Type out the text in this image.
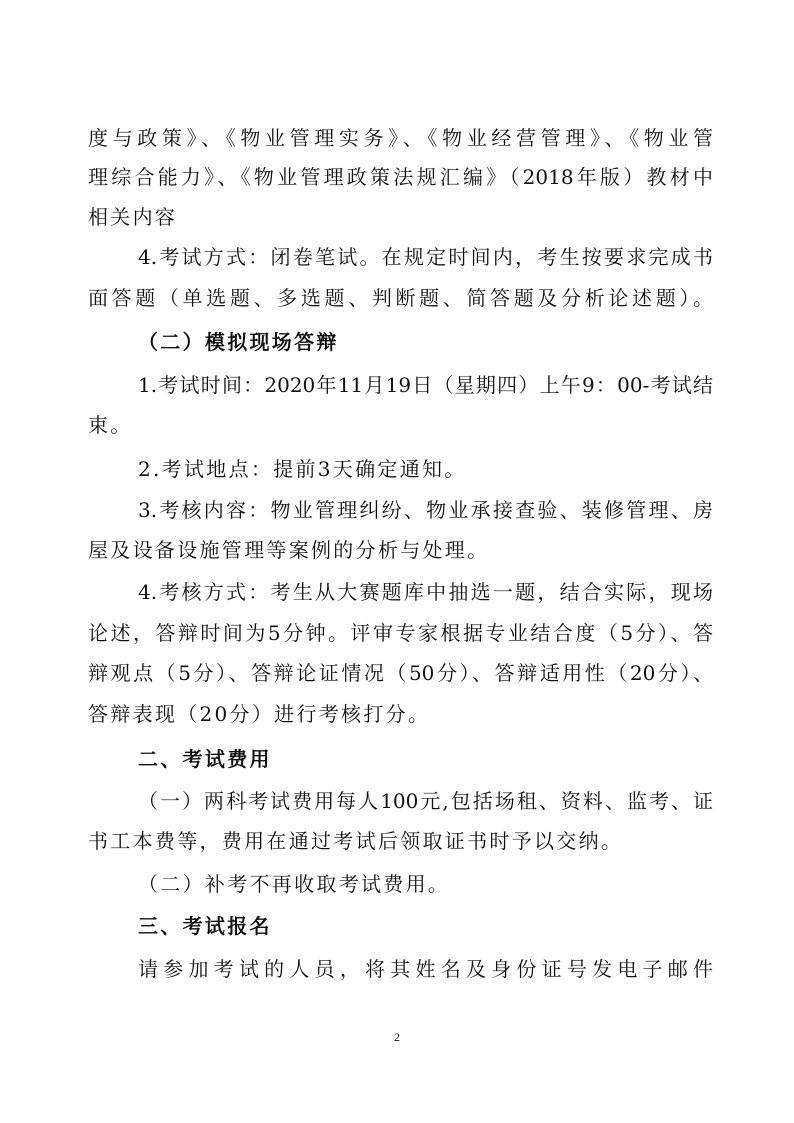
度与政策》、《物业管理实务》、《物业经营管理》、《物业管
理综合能力》、《物业管理政策法规汇编》（2018年版）教材中
相关内容
4.考试方式：闭卷笔试。在规定时间内，考生按要求完成书
面答题（单选题、多选题、判断题、简答题及分析论述题）。
（二）模拟现场答辩
1.考试时间：2020年11月19日（星期四）上午9：00-考试结
束。
2.考试地点：提前3天确定通知。
3.考核内容：物业管理纠纷、物业承接查验、装修管理、房
屋及设备设施管理等案例的分析与处理。
4.考核方式：考生从大赛题库中抽选一题，结合实际，现场
论述，答辩时间为5分钟。评审专家根据专业结合度（5分）、答
辩观点（5分）、答辩论证情况（50分）、答辩适用性（20分）、
答辩表现（20分）进行考核打分。
二、考试费用
（一）两科考试费用每人100元,包括场租、资料、监考、证
书工本费等，费用在通过考试后领取证书时予以交纳。
（二）补考不再收取考试费用。
三、考试报名
请参加考试的人员，将其姓名及身份证号发电子邮件
2
